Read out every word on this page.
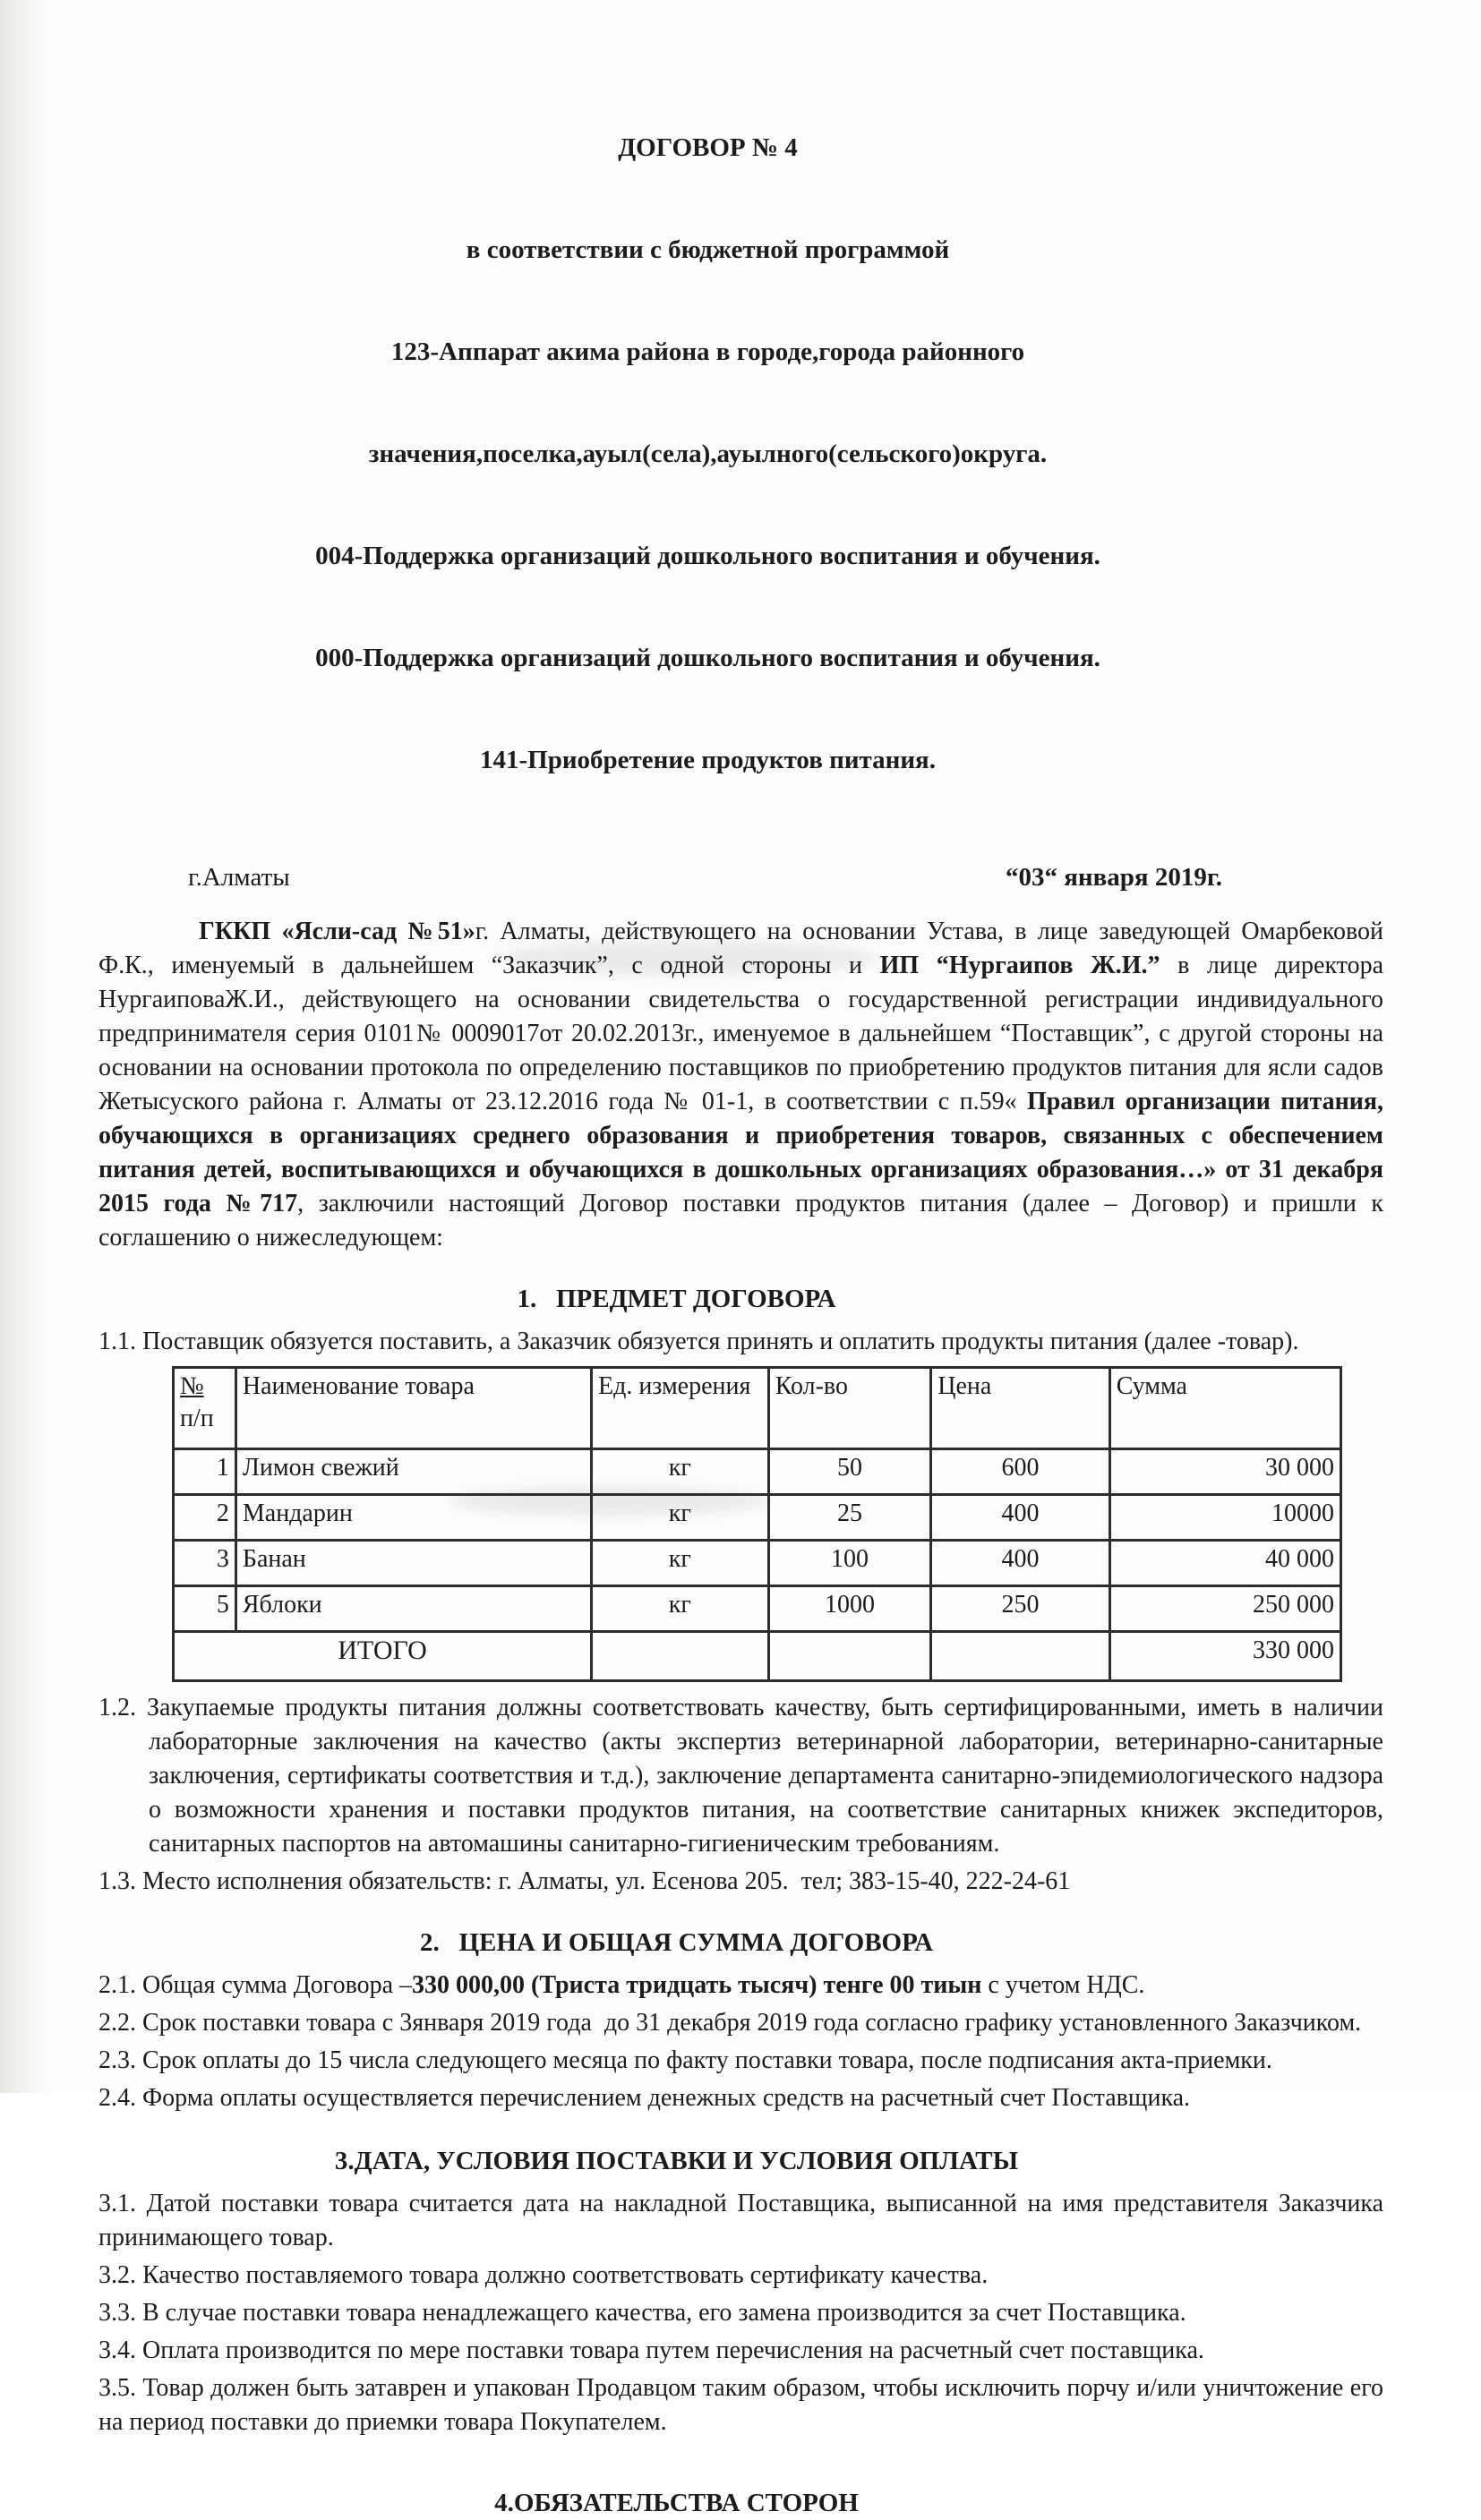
ДОГОВОР № 4

в соответствии с бюджетной программой

123-Аппарат акима района в городе,города районного

значения,поселка,ауыл(села),ауылного(сельского)округа.

004-Поддержка организаций дошкольного воспитания и обучения.

000-Поддержка организаций дошкольного воспитания и обучения.

141-Приобретение продуктов питания.

г.Алматы	“03“ января 2019г.

ГККП «Ясли-сад №51»г. Алматы, действующего на основании Устава, в лице заведующей Омарбековой Ф.К., именуемый в дальнейшем “Заказчик”, с одной стороны и ИП “Нургаипов Ж.И.” в лице директора НургаиповаЖ.И., действующего на основании свидетельства о государственной регистрации индивидуального предпринимателя серия 0101№ 0009017от 20.02.2013г., именуемое в дальнейшем “Поставщик”, с другой стороны на основании на основании протокола по определению поставщиков по приобретению продуктов питания для ясли садов Жетысуского района г. Алматы от 23.12.2016 года № 01-1, в соответствии с п.59« Правил организации питания, обучающихся в организациях среднего образования и приобретения товаров, связанных с обеспечением питания детей, воспитывающихся и обучающихся в дошкольных организациях образования…» от 31 декабря 2015 года №717, заключили настоящий Договор поставки продуктов питания (далее – Договор) и пришли к соглашению о нижеследующем:

1.   ПРЕДМЕТ ДОГОВОРА

1.1. Поставщик обязуется поставить, а Заказчик обязуется принять и оплатить продукты питания (далее -товар).

№
п/п	Наименование товара	Ед. измерения	Кол-во	Цена	Сумма
1	Лимон свежий	кг	50	600	30 000
2	Мандарин	кг	25	400	10000
3	Банан	кг	100	400	40 000
5	Яблоки	кг	1000	250	250 000
ИТОГО					330 000

1.2. Закупаемые продукты питания должны соответствовать качеству, быть сертифицированными, иметь в наличии лабораторные заключения на качество (акты экспертиз ветеринарной лаборатории, ветеринарно-санитарные заключения, сертификаты соответствия и т.д.), заключение департамента санитарно-эпидемиологического надзора о возможности хранения и поставки продуктов питания, на соответствие санитарных книжек экспедиторов, санитарных паспортов на автомашины санитарно-гигиеническим требованиям.

1.3. Место исполнения обязательств: г. Алматы, ул. Есенова 205.  тел; 383-15-40, 222-24-61

2.   ЦЕНА И ОБЩАЯ СУММА ДОГОВОРА

2.1. Общая сумма Договора –330 000,00 (Триста тридцать тысяч) тенге 00 тиын с учетом НДС.

2.2. Срок поставки товара с 3января 2019 года  до 31 декабря 2019 года согласно графику установленного Заказчиком.

2.3. Срок оплаты до 15 числа следующего месяца по факту поставки товара, после подписания акта-приемки.

2.4. Форма оплаты осуществляется перечислением денежных средств на расчетный счет Поставщика.

3.ДАТА, УСЛОВИЯ ПОСТАВКИ И УСЛОВИЯ ОПЛАТЫ

3.1. Датой поставки товара считается дата на накладной Поставщика, выписанной на имя представителя Заказчика принимающего товар.

3.2. Качество поставляемого товара должно соответствовать сертификату качества.

3.3. В случае поставки товара ненадлежащего качества, его замена производится за счет Поставщика.

3.4. Оплата производится по мере поставки товара путем перечисления на расчетный счет поставщика.

3.5. Товар должен быть затаврен и упакован Продавцом таким образом, чтобы исключить порчу и/или уничтожение его на период поставки до приемки товара Покупателем.

4.ОБЯЗАТЕЛЬСТВА СТОРОН
